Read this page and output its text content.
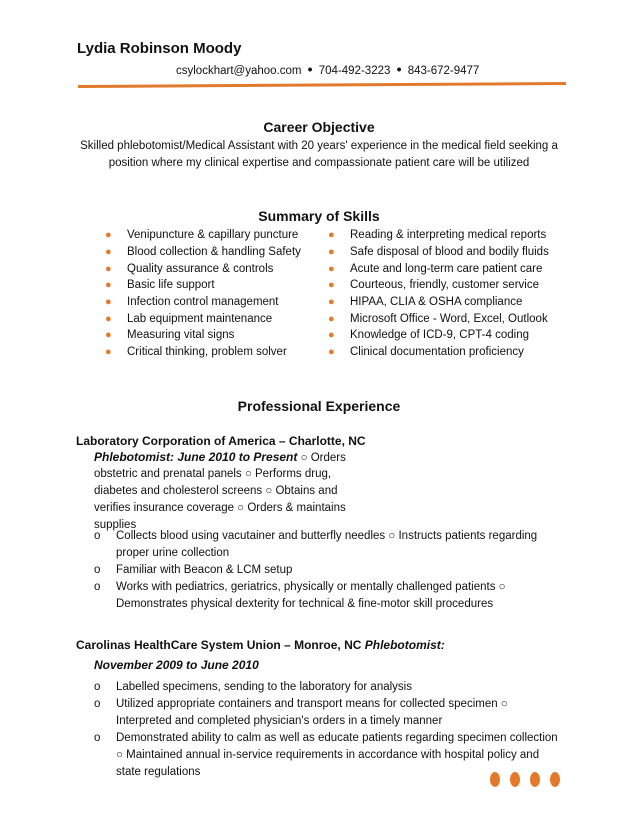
Lydia Robinson Moody
csylockhart@yahoo.com • 704-492-3223 • 843-672-9477
Career Objective
Skilled phlebotomist/Medical Assistant with 20 years' experience in the medical field seeking a position where my clinical expertise and compassionate patient care will be utilized
Summary of Skills
●	Venipuncture & capillary puncture
●	Blood collection & handling Safety
●	Quality assurance & controls
●	Basic life support
●	Infection control management
●	Lab equipment maintenance
●	Measuring vital signs
●	Critical thinking, problem solver
●	Reading & interpreting medical reports
●	Safe disposal of blood and bodily fluids
●	Acute and long-term care patient care
●	Courteous, friendly, customer service
●	HIPAA, CLIA & OSHA compliance
●	Microsoft Office - Word, Excel, Outlook
●	Knowledge of ICD-9, CPT-4 coding
●	Clinical documentation proficiency
Professional Experience
Laboratory Corporation of America – Charlotte, NC
Phlebotomist: June 2010 to Present ○ Orders
obstetric and prenatal panels ○ Performs drug,
diabetes and cholesterol screens ○ Obtains and
verifies insurance coverage ○ Orders & maintains
supplies
o	Collects blood using vacutainer and butterfly needles ○ Instructs patients regarding proper urine collection
o	Familiar with Beacon & LCM setup
o	Works with pediatrics, geriatrics, physically or mentally challenged patients ○ Demonstrates physical dexterity for technical & fine-motor skill procedures
Carolinas HealthCare System Union – Monroe, NC Phlebotomist:
November 2009 to June 2010
o	Labelled specimens, sending to the laboratory for analysis
o	Utilized appropriate containers and transport means for collected specimen ○ Interpreted and completed physician's orders in a timely manner
o	Demonstrated ability to calm as well as educate patients regarding specimen collection ○ Maintained annual in-service requirements in accordance with hospital policy and state regulations
